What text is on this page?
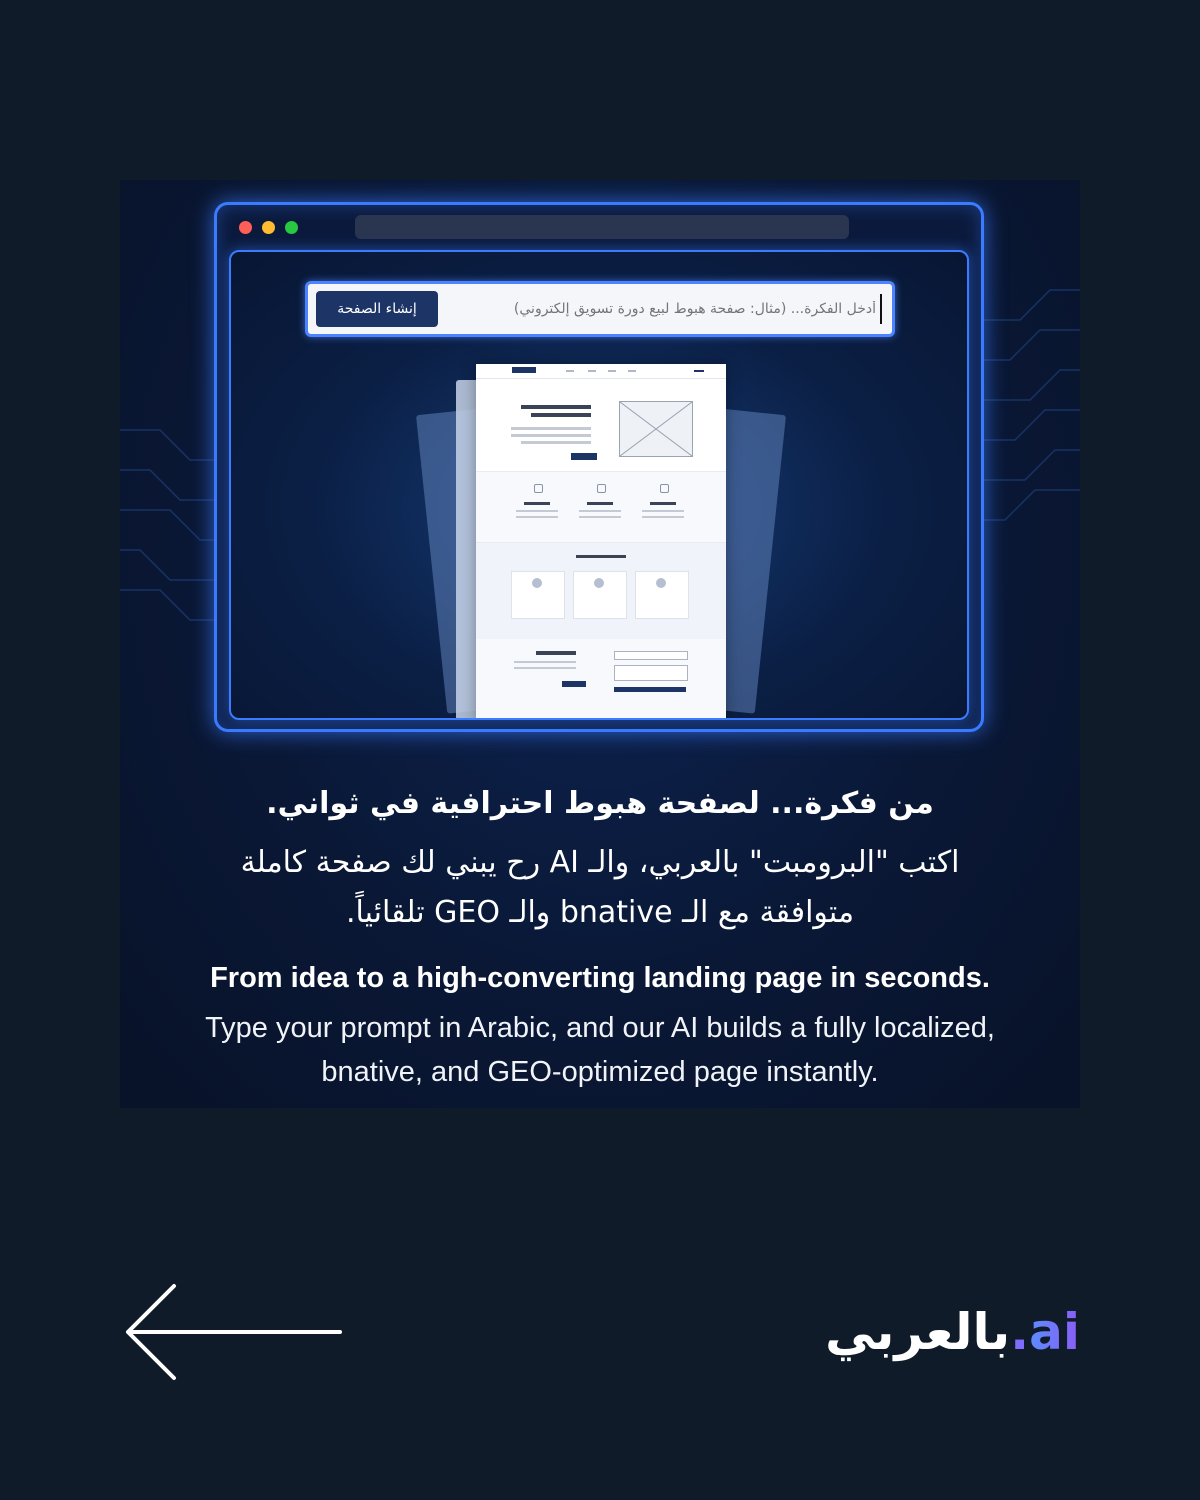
إنشاء الصفحة
أدخل الفكرة... (مثال: صفحة هبوط لبيع دورة تسويق إلكتروني)
من فكرة... لصفحة هبوط احترافية في ثواني.
اكتب "البرومبت" بالعربي، والـ AI رح يبني لك صفحة كاملة
متوافقة مع الـ bnative والـ GEO تلقائياً.
From idea to a high-converting landing page in seconds.
Type your prompt in Arabic, and our AI builds a fully localized,
bnative, and GEO-optimized page instantly.
بالعربي . ai
